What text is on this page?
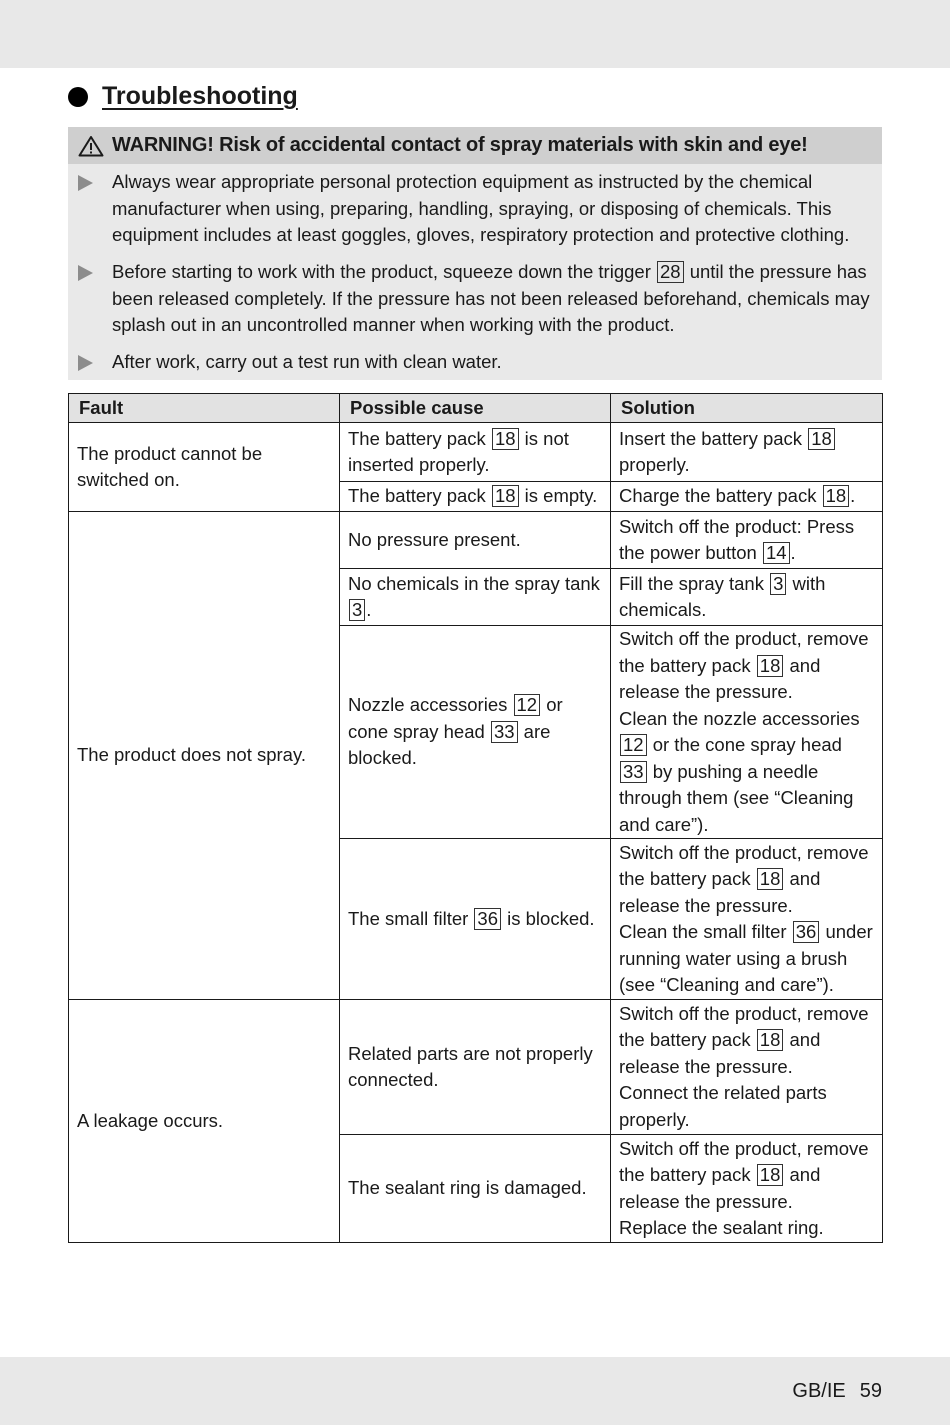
Troubleshooting
WARNING! Risk of accidental contact of spray materials with skin and eye!
Always wear appropriate personal protection equipment as instructed by the chemical manufacturer when using, preparing, handling, spraying, or disposing of chemicals. This equipment includes at least goggles, gloves, respiratory protection and protective clothing.
Before starting to work with the product, squeeze down the trigger 28 until the pressure has been released completely. If the pressure has not been released beforehand, chemicals may splash out in an uncontrolled manner when working with the product.
After work, carry out a test run with clean water.
Fault	Possible cause	Solution
The product cannot be switched on.	The battery pack 18 is not inserted properly.	Insert the battery pack 18 properly.

	The battery pack 18 is empty.	Charge the battery pack 18 .

The product does not spray.	No pressure present.	Switch off the product: Press the power button 14 .

	No chemicals in the spray tank 3 .	Fill the spray tank 3 with chemicals.

	Nozzle accessories 12 or cone spray head 33 are blocked.	Switch off the product, remove the battery pack 18 and release the pressure.
Clean the nozzle accessories 12 or the cone spray head 33 by pushing a needle through them (see “Cleaning and care”).

	The small filter 36 is blocked.	Switch off the product, remove the battery pack 18 and release the pressure.
Clean the small filter 36 under running water using a brush (see “Cleaning and care”).

A leakage occurs.	Related parts are not properly connected.	Switch off the product, remove the battery pack 18 and release the pressure.
Connect the related parts properly.

	The sealant ring is damaged.	Switch off the product, remove the battery pack 18 and release the pressure.
Replace the sealant ring.
GB/IE 59
